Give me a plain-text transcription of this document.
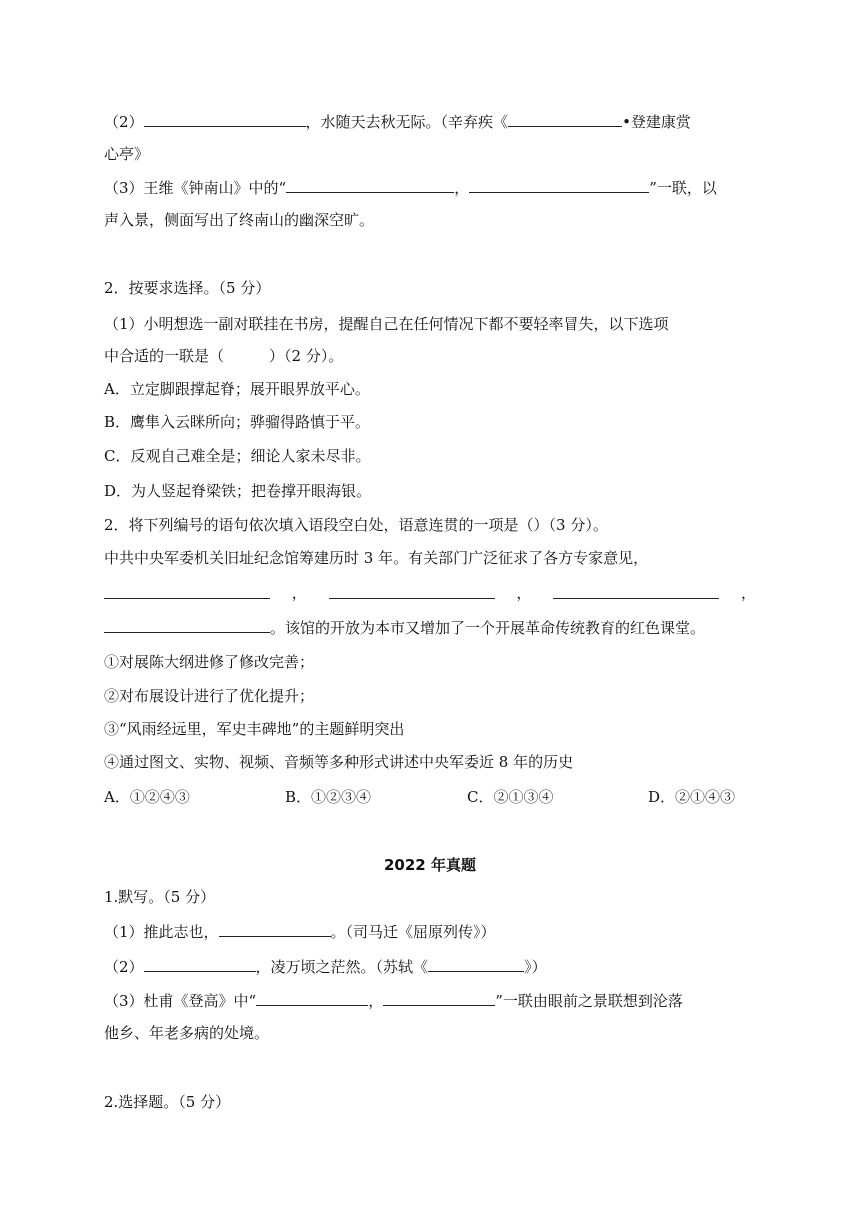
（2）	，水随天去秋无际。（辛弃疾《	•登建康赏
心亭》
（3）王维《钟南山》中的“	，	”一联，以
声入景，侧面写出了终南山的幽深空旷。
2．按要求选择。（5 分）
（1）小明想选一副对联挂在书房，提醒自己在任何情况下都不要轻率冒失，以下选项
中合适的一联是（　　　）（2 分）。
A．立定脚跟撑起脊；展开眼界放平心。
B．鹰隼入云眯所向；骅骝得路慎于平。
C．反观自己难全是；细论人家未尽非。
D．为人竖起脊梁铁；把卷撑开眼海银。
2．将下列编号的语句依次填入语段空白处，语意连贯的一项是（）（3 分）。
中共中央军委机关旧址纪念馆筹建历时 3 年。有关部门广泛征求了各方专家意见，
，	，	，
。该馆的开放为本市又增加了一个开展革命传统教育的红色课堂。
①对展陈大纲进修了修改完善；
②对布展设计进行了优化提升；
③“风雨经远里，军史丰碑地”的主题鲜明突出
④通过图文、实物、视频、音频等多种形式讲述中央军委近 8 年的历史
A．①②④③	B．①②③④	C．②①③④	D．②①④③
2022 年真题
1.默写。（5 分）
（1）推此志也，	。（司马迁《屈原列传》）
（2）	，凌万顷之茫然。（苏轼《	》）
（3）杜甫《登高》中“	，	”一联由眼前之景联想到沦落
他乡、年老多病的处境。
2.选择题。（5 分）
